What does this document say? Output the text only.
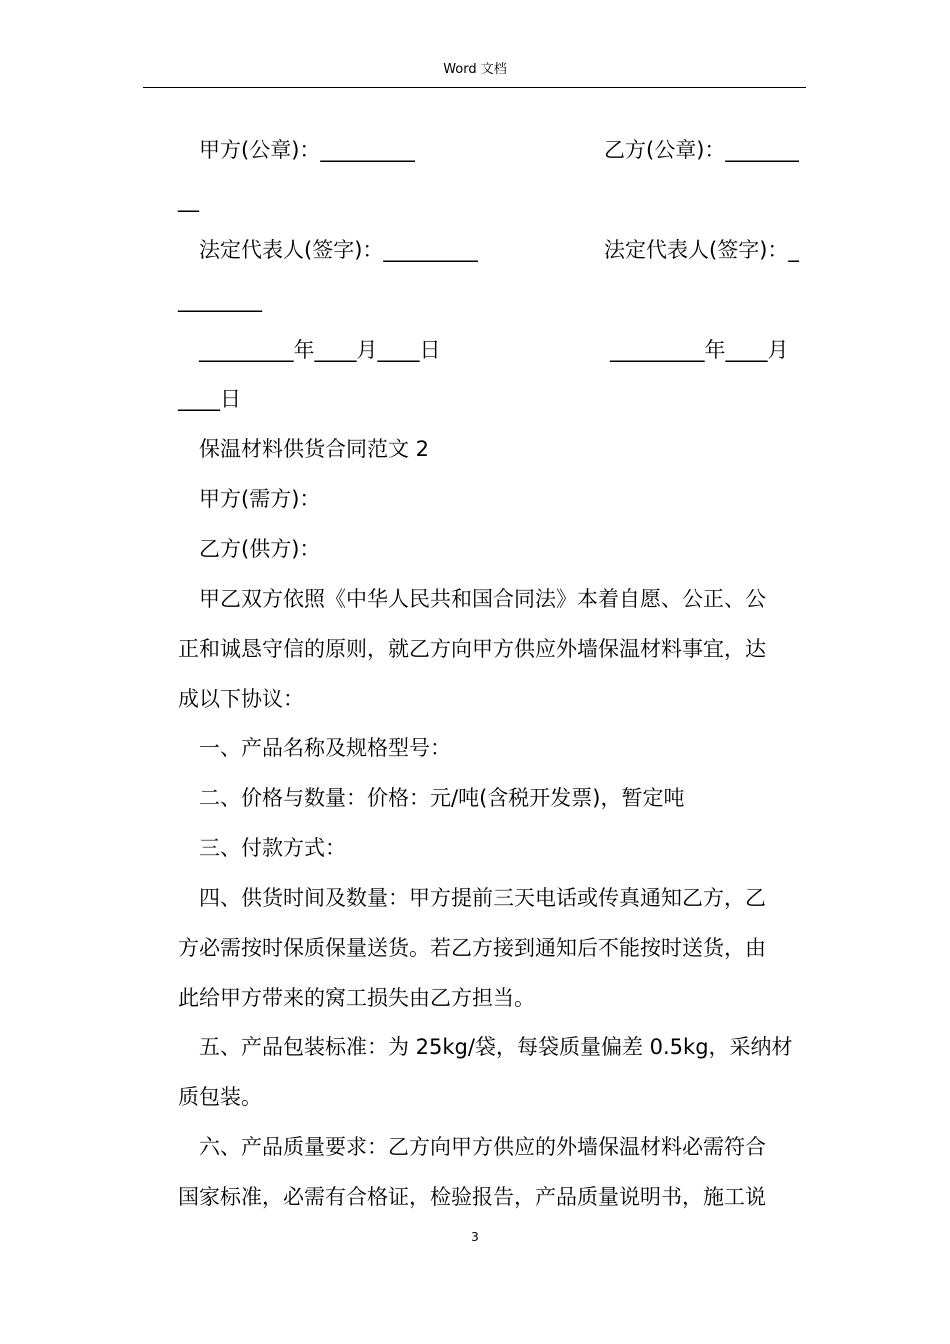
Word 文档
甲方(公章)：_________	乙方(公章)：_______
__
法定代表人(签字)：_________	法定代表人(签字)：_
________
_________年____月____日	_________年____月
____日
保温材料供货合同范文 2
甲方(需方)：
乙方(供方)：
甲乙双方依照《中华人民共和国合同法》本着自愿、公正、公
正和诚恳守信的原则，就乙方向甲方供应外墙保温材料事宜，达
成以下协议：
一、产品名称及规格型号：
二、价格与数量：价格：元/吨(含税开发票)，暂定吨
三、付款方式：
四、供货时间及数量：甲方提前三天电话或传真通知乙方，乙
方必需按时保质保量送货。若乙方接到通知后不能按时送货，由
此给甲方带来的窝工损失由乙方担当。
五、产品包装标准：为 25kg/袋，每袋质量偏差 0.5kg，采纳材
质包装。
六、产品质量要求：乙方向甲方供应的外墙保温材料必需符合
国家标准，必需有合格证，检验报告，产品质量说明书，施工说
3
